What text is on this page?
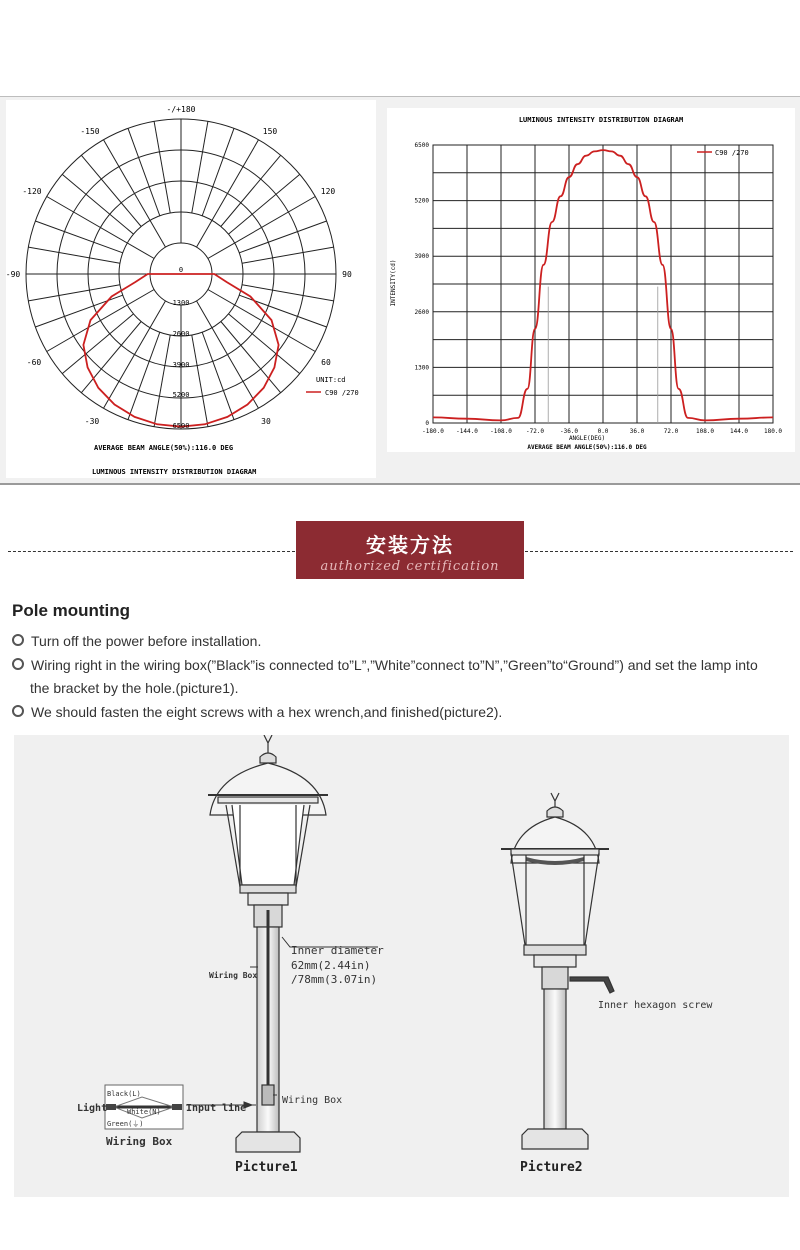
-/+180
-150	150
-120	120
-90	90
-60	60
-30	30
0
1300
2600
3900
5200
6500
UNIT:cd
C90 /270
AVERAGE BEAM ANGLE(50%):116.0 DEG
LUMINOUS INTENSITY DISTRIBUTION DIAGRAM
LUMINOUS INTENSITY DISTRIBUTION DIAGRAM
6500
5200
3900
2600
1300
0
-180.0 -144.0 -108.0 -72.0	-36.0	0.0	36.0	72.0	108.0	144.0	180.0
C90 /270
INTENSITY(cd)
ANGLE(DEG)
AVERAGE BEAM ANGLE(50%):116.0 DEG
安装方法
authorized certification
Pole mounting
Turn off the power before installation.
Wiring right in the wiring box(”Black”is connected to”L”,”White”connect to”N”,”Green”to“Ground”) and set the lamp into
the bracket by the hole.(picture1).
We should fasten the eight screws with a hex wrench,and finished(picture2).
Inner diameter
62mm(2.44in)
/78mm(3.07in)
Wiring Box
Wiring Box
Black(L)
White(N)
Green(⏚)
Light	Input line
Wiring Box
Picture1
Inner hexagon screw
Picture2
